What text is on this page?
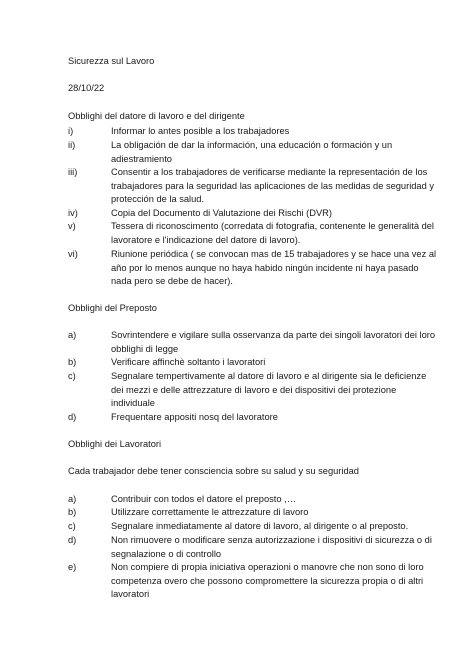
Sicurezza sul Lavoro
28/10/22
Obblighi del datore di lavoro e del dirigente
i)	Informar lo antes posible a los trabajadores
ii)	La obligación de dar la información, una educación o formación y un adiestramiento
iii)	Consentir a los trabajadores de verificarse mediante la representación de los trabajadores para la seguridad las aplicaciones de las medidas de seguridad y protección de la salud.
iv)	Copia del Documento di Valutazione dei Rischi (DVR)
v)	Tessera di riconoscimento (corredata di fotografia, contenente le generalità del lavoratore e l'indicazione del datore di lavoro).
vi)	Riunione periódica ( se convocan mas de 15 trabajadores y se hace una vez al año por lo menos aunque no haya habido ningún incidente ni haya pasado nada pero se debe de hacer).
Obblighi del Preposto
a)	Sovrintendere e vigilare sulla osservanza da parte dei singoli lavoratori dei loro obblighi di legge
b)	Verificare affinchè soltanto i lavoratori
c)	Segnalare tempertivamente al datore di lavoro e al dirigente sia le deficienze dei mezzi e delle attrezzature di lavoro e dei dispositivi dei protezione individuale
d)	Frequentare appositi nosq del lavoratore
Obblighi dei Lavoratori
Cada trabajador debe tener consciencia sobre su salud y su seguridad
a)	Contribuir con todos el datore el preposto ,…
b)	Utilizzare correttamente le attrezzature di lavoro
c)	Segnalare inmediatamente al datore di lavoro, al dirigente o al preposto.
d)	Non rimuovere o modificare senza autorizzazione i dispositivi di sicurezza o di segnalazione o di controllo
e)	Non compiere di propia iniciativa operazioni o manovre che non sono di loro competenza overo che possono compromettere la sicurezza propia o di altri lavoratori
